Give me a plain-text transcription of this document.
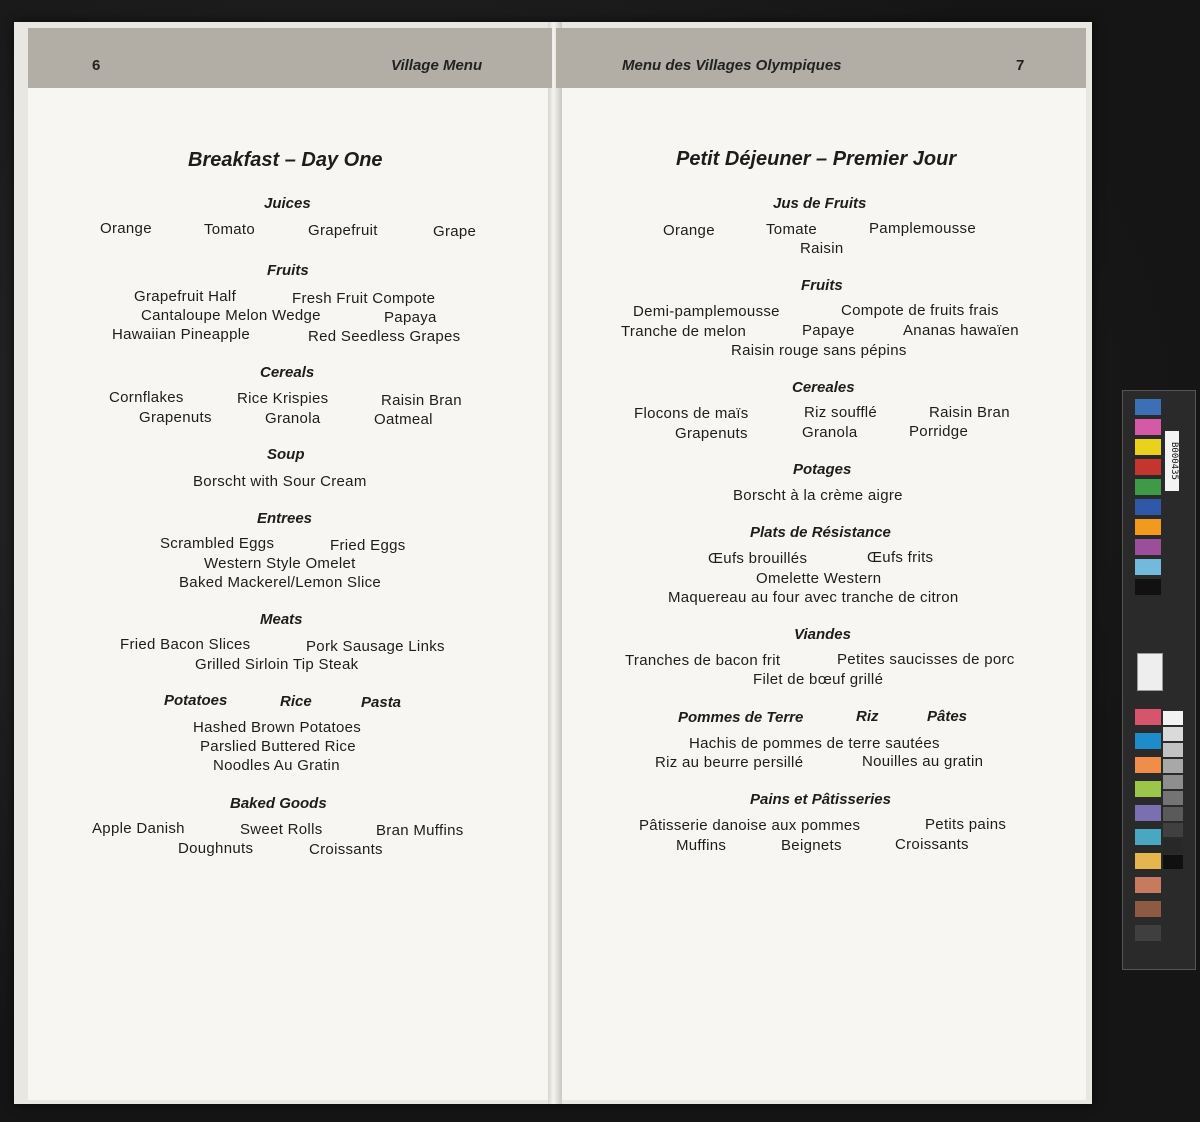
6	Village Menu	Menu des Villages Olympiques	7
Breakfast – Day One
Juices
Orange	Tomato	Grapefruit	Grape
Fruits
Grapefruit Half	Fresh Fruit Compote
Cantaloupe Melon Wedge	Papaya
Hawaiian Pineapple	Red Seedless Grapes
Cereals
Cornflakes	Rice Krispies	Raisin Bran
Grapenuts	Granola	Oatmeal
Soup
Borscht with Sour Cream
Entrees
Scrambled Eggs	Fried Eggs
Western Style Omelet
Baked Mackerel/Lemon Slice
Meats
Fried Bacon Slices	Pork Sausage Links
Grilled Sirloin Tip Steak
Potatoes	Rice	Pasta
Hashed Brown Potatoes
Parslied Buttered Rice
Noodles Au Gratin
Baked Goods
Apple Danish	Sweet Rolls	Bran Muffins
Doughnuts	Croissants
Petit Déjeuner – Premier Jour
Jus de Fruits
Orange	Tomate	Pamplemousse
Raisin
Fruits
Demi-pamplemousse	Compote de fruits frais
Tranche de melon	Papaye	Ananas hawaïen
Raisin rouge sans pépins
Cereales
Flocons de maïs	Riz soufflé	Raisin Bran
Grapenuts	Granola	Porridge
Potages
Borscht à la crème aigre
Plats de Résistance
Œufs brouillés	Œufs frits
Omelette Western
Maquereau au four avec tranche de citron
Viandes
Tranches de bacon frit	Petites saucisses de porc
Filet de bœuf grillé
Pommes de Terre	Riz	Pâtes
Hachis de pommes de terre sautées
Riz au beurre persillé	Nouilles au gratin
Pains et Pâtisseries
Pâtisserie danoise aux pommes	Petits pains
Muffins	Beignets	Croissants
B000435
